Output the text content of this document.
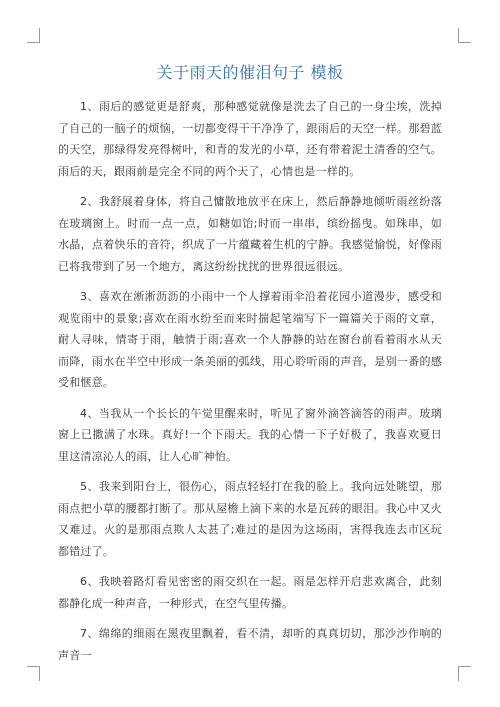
关于雨天的催泪句子 模板

1、雨后的感觉更是舒爽，那种感觉就像是洗去了自己的一身尘埃，洗掉了自己的一脑子的烦恼，一切都变得干干净净了，跟雨后的天空一样。那碧蓝的天空，那绿得发亮得树叶，和青的发光的小草，还有带着泥土清香的空气。雨后的天，跟雨前是完全不同的两个天了，心情也是一样的。

2、我舒展着身体，将自己慵散地放平在床上，然后静静地倾听雨丝纷落在玻璃窗上。时而一点一点，如糖如饴;时而一串串，缤纷摇曳。如珠串，如水晶，点着快乐的音符，织成了一片蕴藏着生机的宁静。我感觉愉悦，好像雨已将我带到了另一个地方，离这纷纷扰扰的世界很远很远。

3、喜欢在淅淅沥沥的小雨中一个人撑着雨伞沿着花园小道漫步，感受和观览雨中的景象;喜欢在雨水纷至而来时揣起笔端写下一篇篇关于雨的文章，耐人寻味，情寄于雨，触情于雨;喜欢一个人静静的站在窗台前看着雨水从天而降，雨水在半空中形成一条美丽的弧线，用心聆听雨的声音，是别一番的感受和惬意。

4、当我从一个长长的午觉里醒来时，听见了窗外滴答滴答的雨声。玻璃窗上已撒满了水珠。真好!一个下雨天。我的心情一下子好极了，我喜欢夏日里这清凉沁人的雨，让人心旷神怡。

5、我来到阳台上，很伤心，雨点轻轻打在我的脸上。我向远处眺望，那雨点把小草的腰都打断了。那从屋檐上滴下来的水是瓦砖的眼泪。我心中又火又难过。火的是那雨点欺人太甚了;难过的是因为这场雨，害得我连去市区玩都错过了。

6、我映着路灯看见密密的雨交织在一起。雨是怎样开启悲欢离合，此刻都静化成一种声音，一种形式，在空气里传播。

7、绵绵的细雨在黑夜里飘着，看不清，却听的真真切切，那沙沙作响的声音一
